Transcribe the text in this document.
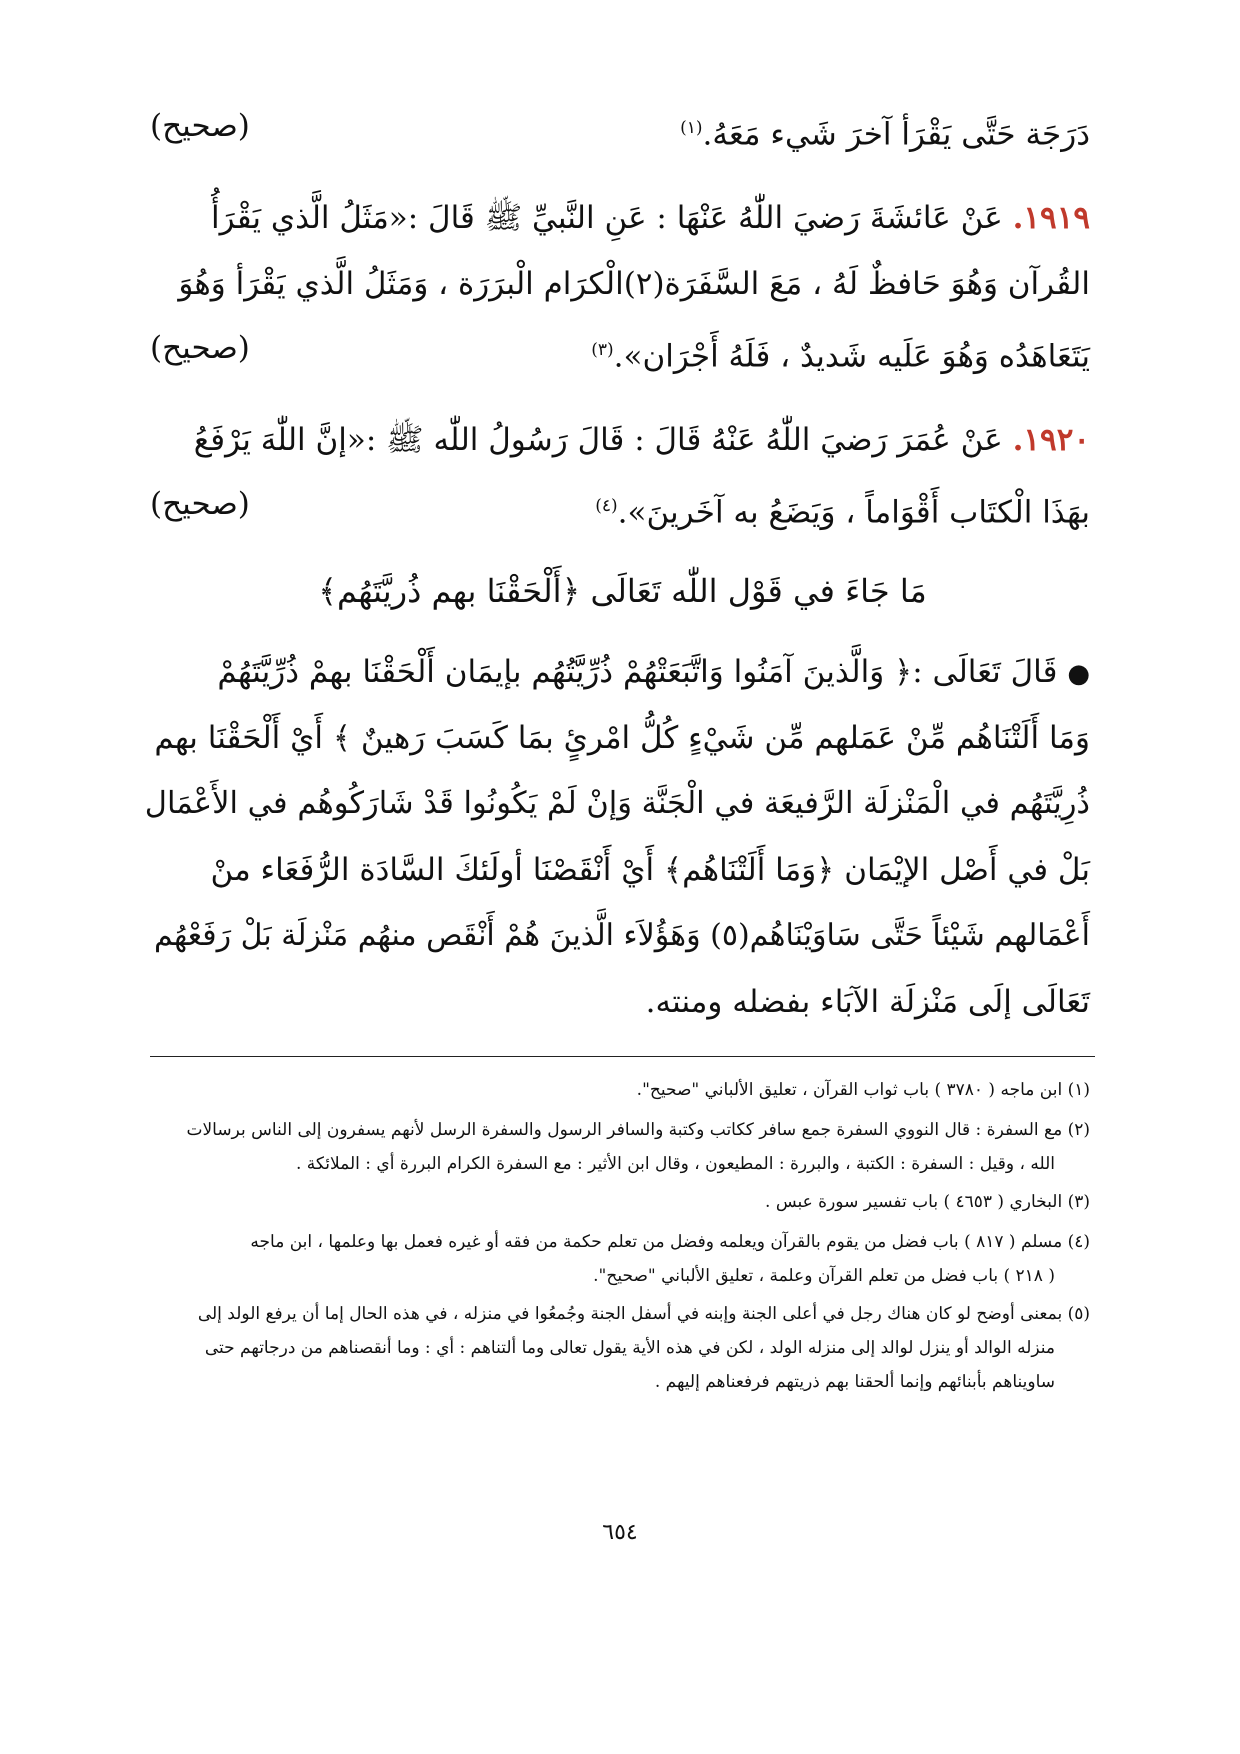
دَرَجَة حَتَّى يَقْرَأ آخرَ شَيء مَعَهُ.$^{(١)}$
(صحيح)
١٩١٩. عَنْ عَائشَةَ رَضيَ اللّٰهُ عَنْهَا : عَنِ النَّبيِّ ﷺ قَالَ :«مَثَلُ الَّذي يَقْرَأُ
القُرآن وَهُوَ حَافظٌ لَهُ ، مَعَ السَّفَرَة(٢)الْكرَام الْبرَرَة ، وَمَثَلُ الَّذي يَقْرَأ وَهُوَ
يَتَعَاهَدُه وَهُوَ عَلَيه شَديدٌ ، فَلَهُ أَجْرَان».$^{(٣)}$
(صحيح)
١٩٢٠. عَنْ عُمَرَ رَضيَ اللّٰهُ عَنْهُ قَالَ : قَالَ رَسُولُ اللّٰه ﷺ :«إنَّ اللّٰهَ يَرْفَعُ
بهَذَا الْكتَاب أَقْوَاماً ، وَيَضَعُ به آخَرينَ».$^{(٤)}$
(صحيح)
مَا جَاءَ في قَوْل اللّٰه تَعَالَى ﴿أَلْحَقْنَا بهم ذُريَّتَهُم﴾
● قَالَ تَعَالَى :﴿ وَالَّذينَ آمَنُوا وَاتَّبَعَتْهُمْ ذُرِّيَّتُهُم بإيمَان أَلْحَقْنَا بهمْ ذُرِّيَّتَهُمْ
وَمَا أَلَتْنَاهُم مِّنْ عَمَلهم مِّن شَيْءٍ كُلُّ امْرئٍ بمَا كَسَبَ رَهينٌ ﴾ أَيْ أَلْحَقْنَا بهم
ذُرِيَّتَهُم في الْمَنْزلَة الرَّفيعَة في الْجَنَّة وَإنْ لَمْ يَكُونُوا قَدْ شَارَكُوهُم في الأَعْمَال
بَلْ في أَصْل الإيْمَان ﴿وَمَا أَلَتْنَاهُم﴾ أَيْ أَنْقَصْنَا أولَئكَ السَّادَة الرُّفَعَاء منْ
أَعْمَالهم شَيْئاً حَتَّى سَاوَيْنَاهُم(٥) وَهَؤُلاَء الَّذينَ هُمْ أَنْقَص منهُم مَنْزلَة بَلْ رَفَعْهُم
تَعَالَى إلَى مَنْزلَة الآبَاء بفضله ومنته.
(١) ابن ماجه ( ٣٧٨٠ ) باب ثواب القرآن ، تعليق الألباني "صحيح".
(٢) مع السفرة : قال النووي السفرة جمع سافر ككاتب وكتبة والسافر الرسول والسفرة الرسل لأنهم يسفرون إلى الناس برسالات
الله ، وقيل : السفرة : الكتبة ، والبررة : المطيعون ، وقال ابن الأثير : مع السفرة الكرام البررة أي : الملائكة .
(٣) البخاري ( ٤٦٥٣ ) باب تفسير سورة عبس .
(٤) مسلم ( ٨١٧ ) باب فضل من يقوم بالقرآن ويعلمه وفضل من تعلم حكمة من فقه أو غيره فعمل بها وعلمها ، ابن ماجه
( ٢١٨ ) باب فضل من تعلم القرآن وعلمة ، تعليق الألباني "صحيح".
(٥) بمعنى أوضح لو كان هناك رجل في أعلى الجنة وإبنه في أسفل الجنة وجُمعُوا في منزله ، في هذه الحال إما أن يرفع الولد إلى
منزله الوالد أو ينزل لوالد إلى منزله الولد ، لكن في هذه الأية يقول تعالى وما ألتناهم : أي : وما أنقصناهم من درجاتهم حتى
ساويناهم بأبنائهم وإنما ألحقنا بهم ذريتهم فرفعناهم إليهم .
٦٥٤
